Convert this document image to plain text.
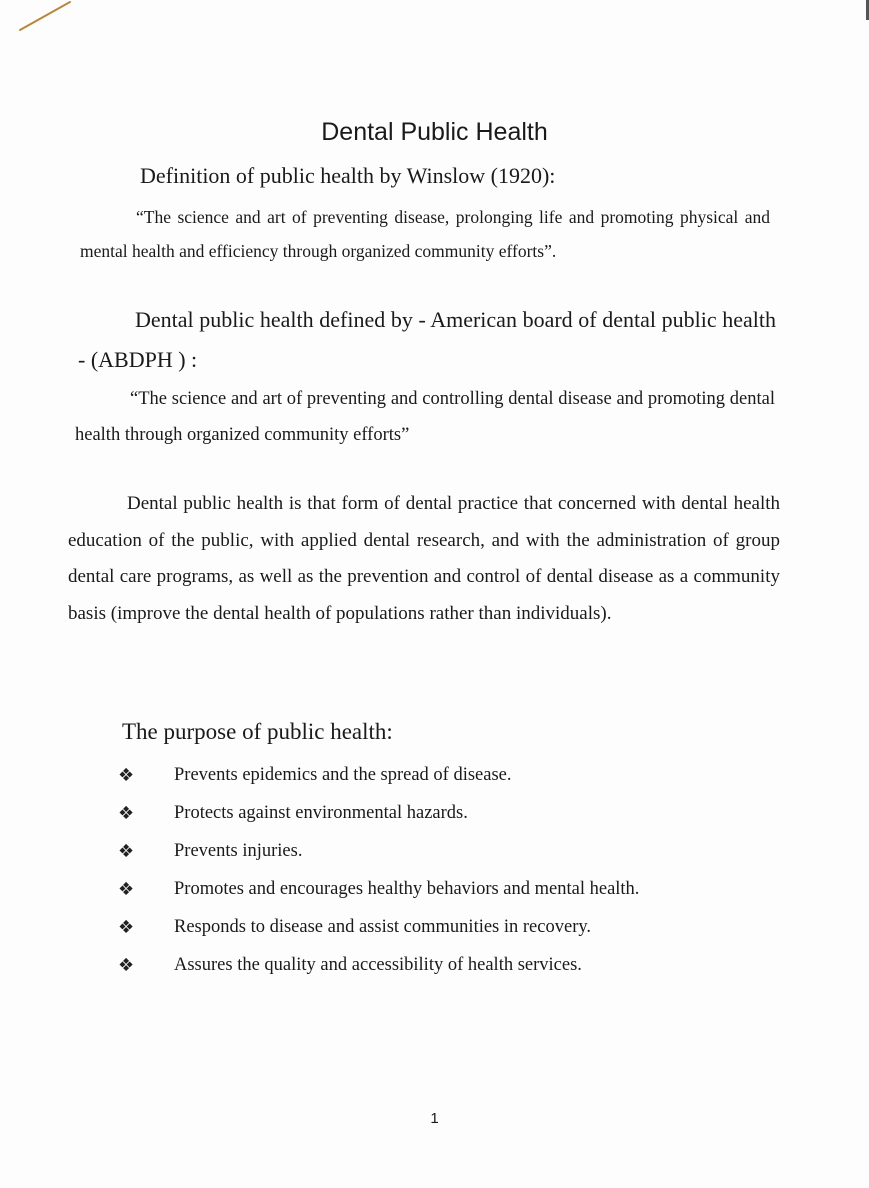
Dental Public Health
Definition of public health by Winslow (1920):

“The science and art of preventing disease, prolonging life and promoting physical and mental health and efficiency through organized community efforts”.

Dental public health defined by - American board of dental public health - (ABDPH ) :

“The science and art of preventing and controlling dental disease and promoting dental health through organized community efforts”

Dental public health is that form of dental practice that concerned with dental health education of the public, with applied dental research, and with the administration of group dental care programs, as well as the prevention and control of dental disease as a community basis (improve the dental health of populations rather than individuals).

The purpose of public health:
❖	Prevents epidemics and the spread of disease.
❖	Protects against environmental hazards.
❖	Prevents injuries.
❖	Promotes and encourages healthy behaviors and mental health.
❖	Responds to disease and assist communities in recovery.
❖	Assures the quality and accessibility of health services.
1
